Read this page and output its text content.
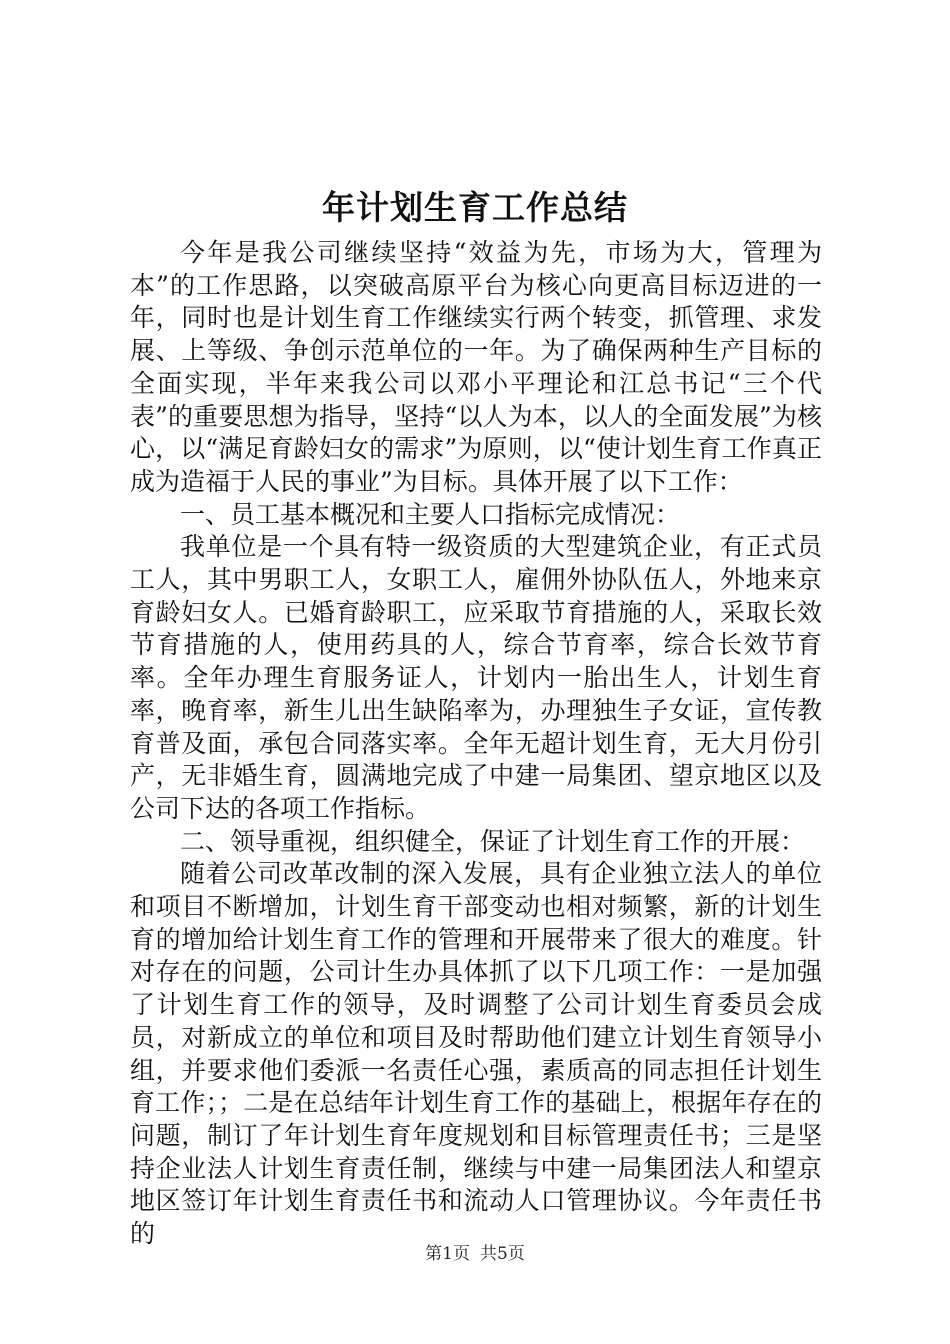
年计划生育工作总结

今年是我公司继续坚持“效益为先，市场为大，管理为本”的工作思路，以突破高原平台为核心向更高目标迈进的一年，同时也是计划生育工作继续实行两个转变，抓管理、求发展、上等级、争创示范单位的一年。为了确保两种生产目标的全面实现，半年来我公司以邓小平理论和江总书记“三个代表”的重要思想为指导，坚持“以人为本，以人的全面发展”为核心，以“满足育龄妇女的需求”为原则，以“使计划生育工作真正成为造福于人民的事业”为目标。具体开展了以下工作：

一、员工基本概况和主要人口指标完成情况：

我单位是一个具有特一级资质的大型建筑企业，有正式员工人，其中男职工人，女职工人，雇佣外协队伍人，外地来京育龄妇女人。已婚育龄职工，应采取节育措施的人，采取长效节育措施的人，使用药具的人，综合节育率，综合长效节育率。全年办理生育服务证人，计划内一胎出生人，计划生育率，晚育率，新生儿出生缺陷率为，办理独生子女证，宣传教育普及面，承包合同落实率。全年无超计划生育，无大月份引产，无非婚生育，圆满地完成了中建一局集团、望京地区以及公司下达的各项工作指标。

二、领导重视，组织健全，保证了计划生育工作的开展：

随着公司改革改制的深入发展，具有企业独立法人的单位和项目不断增加，计划生育干部变动也相对频繁，新的计划生育的增加给计划生育工作的管理和开展带来了很大的难度。针对存在的问题，公司计生办具体抓了以下几项工作：一是加强了计划生育工作的领导，及时调整了公司计划生育委员会成员，对新成立的单位和项目及时帮助他们建立计划生育领导小组，并要求他们委派一名责任心强，素质高的同志担任计划生育工作；；二是在总结年计划生育工作的基础上，根据年存在的问题，制订了年计划生育年度规划和目标管理责任书；三是坚持企业法人计划生育责任制，继续与中建一局集团法人和望京地区签订年计划生育责任书和流动人口管理协议。今年责任书的

第1页 共5页
